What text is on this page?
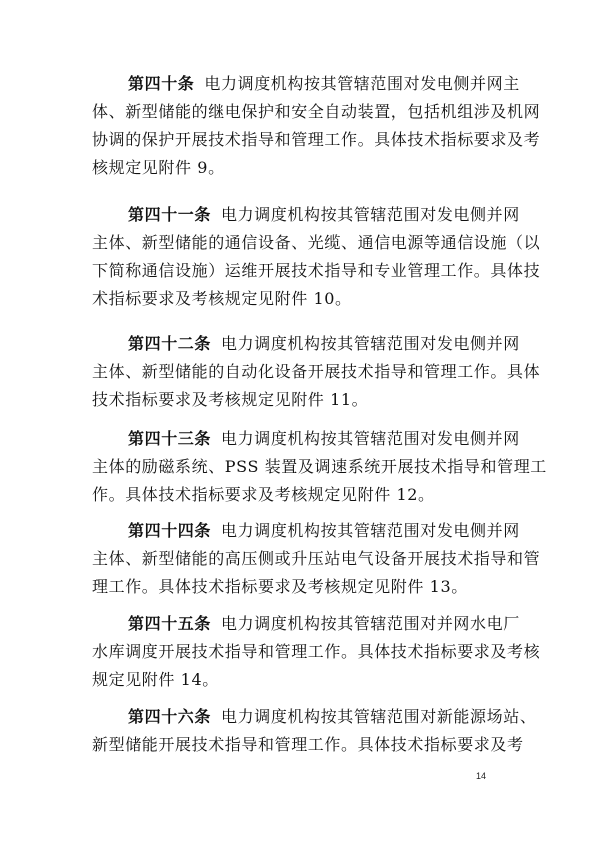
第四十条 电力调度机构按其管辖范围对发电侧并网主
体、新型储能的继电保护和安全自动装置，包括机组涉及机网
协调的保护开展技术指导和管理工作。具体技术指标要求及考
核规定见附件 9。
第四十一条 电力调度机构按其管辖范围对发电侧并网
主体、新型储能的通信设备、光缆、通信电源等通信设施（以
下简称通信设施）运维开展技术指导和专业管理工作。具体技
术指标要求及考核规定见附件 10。
第四十二条 电力调度机构按其管辖范围对发电侧并网
主体、新型储能的自动化设备开展技术指导和管理工作。具体
技术指标要求及考核规定见附件 11。
第四十三条 电力调度机构按其管辖范围对发电侧并网
主体的励磁系统、PSS 装置及调速系统开展技术指导和管理工
作。具体技术指标要求及考核规定见附件 12。
第四十四条 电力调度机构按其管辖范围对发电侧并网
主体、新型储能的高压侧或升压站电气设备开展技术指导和管
理工作。具体技术指标要求及考核规定见附件 13。
第四十五条 电力调度机构按其管辖范围对并网水电厂
水库调度开展技术指导和管理工作。具体技术指标要求及考核
规定见附件 14。
第四十六条 电力调度机构按其管辖范围对新能源场站、
新型储能开展技术指导和管理工作。具体技术指标要求及考
14
